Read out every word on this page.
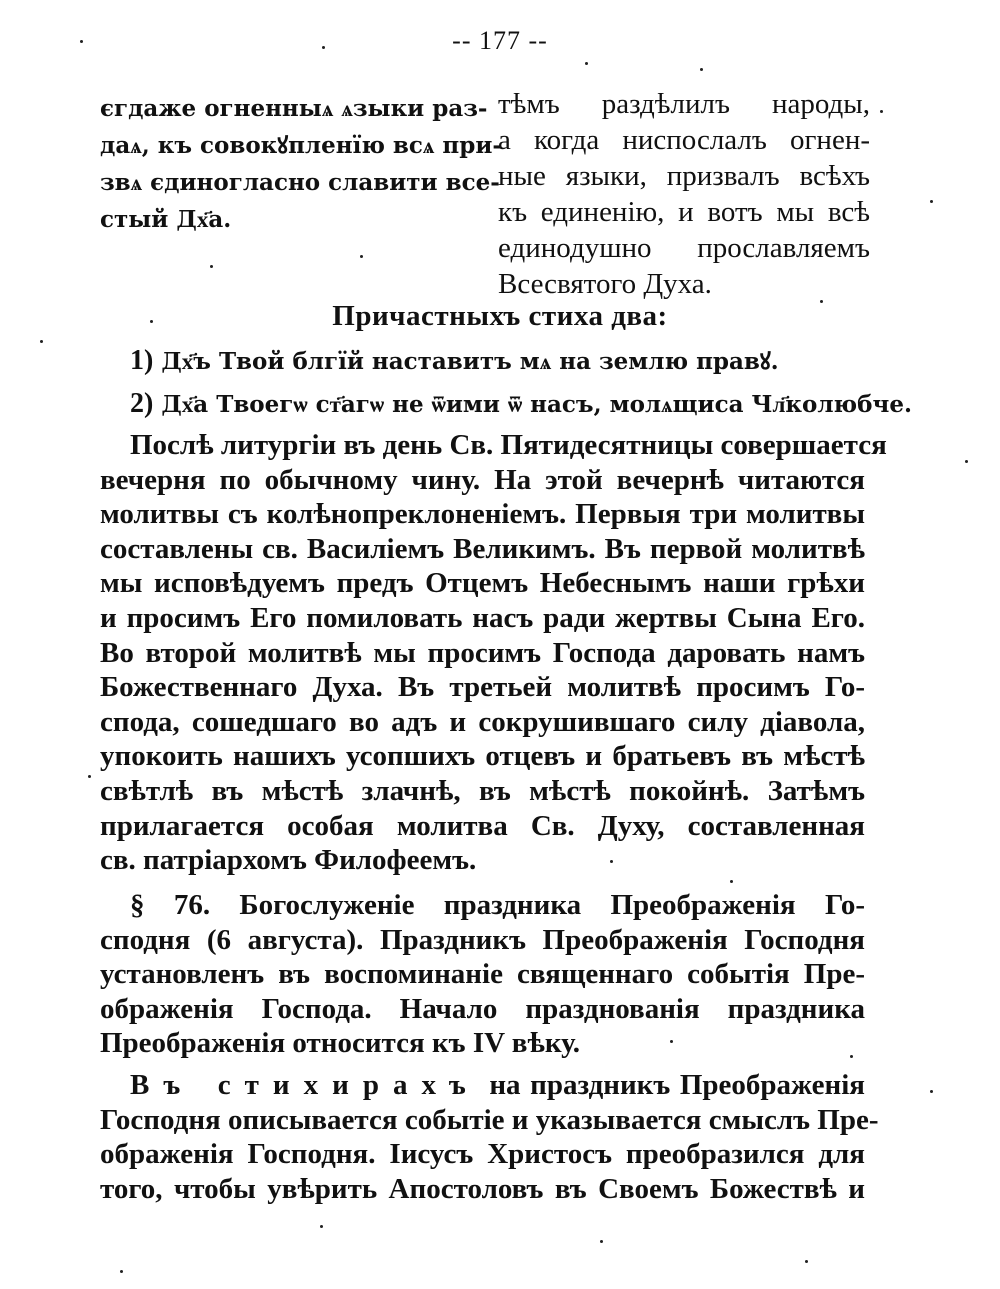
-- 177 --
єгдаже огненныѧ ѧзыки раз-
даѧ, къ совокꙋпленїю всѧ при-
звѧ єдиногласно славити все-
стый Дх҃а.
тѣмъ раздѣлилъ народы,
а когда ниспослалъ огнен-
ные языки, призвалъ всѣхъ
къ единенію, и вотъ мы всѣ
единодушно прославляемъ
Всесвятого Духа.
Причастныхъ стиха два:
1) Дх҃ъ Твой блгїй наставитъ мѧ на землю правꙋ.
2) Дх҃а Твоегѡ ст҃агѡ не ѿими ѿ насъ, молѧщиса Чл҃колюбче.
Послѣ литургіи въ день Св. Пятидесятницы совершается
вечерня по обычному чину. На этой вечернѣ читаются
молитвы съ колѣнопреклоненіемъ. Первыя три молитвы
составлены св. Василіемъ Великимъ. Въ первой молитвѣ
мы исповѣдуемъ предъ Отцемъ Небеснымъ наши грѣхи
и просимъ Его помиловать насъ ради жертвы Сына Его.
Во второй молитвѣ мы просимъ Господа даровать намъ
Божественнаго Духа. Въ третьей молитвѣ просимъ Го-
спода, сошедшаго во адъ и сокрушившаго силу діавола,
упокоить нашихъ усопшихъ отцевъ и братьевъ въ мѣстѣ
свѣтлѣ въ мѣстѣ злачнѣ, въ мѣстѣ покойнѣ. Затѣмъ
прилагается особая молитва Св. Духу, составленная
св. патріархомъ Филофеемъ.
§ 76. Богослуженіе праздника Преображенія Го-
сподня (6 августа). Праздникъ Преображенія Господня
установленъ въ воспоминаніе священнаго событія Пре-
ображенія Господа. Начало празднованія праздника
Преображенія относится къ IV вѣку.
Въ стихирахъ на праздникъ Преображенія
Господня описывается событіе и указывается смыслъ Пре-
ображенія Господня. Іисусъ Христосъ преобразился для
того, чтобы увѣрить Апостоловъ въ Своемъ Божествѣ и
